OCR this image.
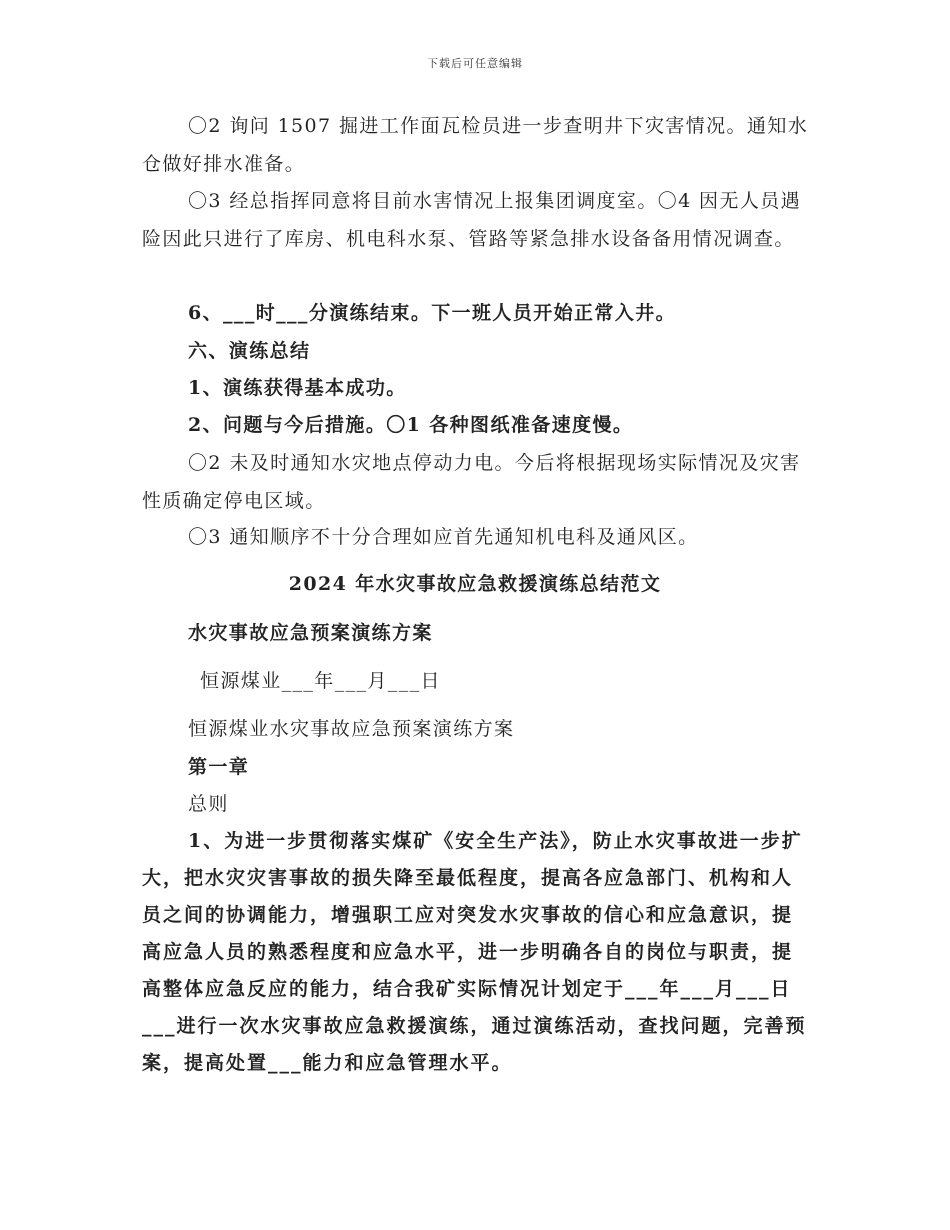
下载后可任意编辑
〇2 询问 1507 掘进工作面瓦检员进一步查明井下灾害情况。通知水仓做好排水准备。
〇3 经总指挥同意将目前水害情况上报集团调度室。〇4 因无人员遇险因此只进行了库房、机电科水泵、管路等紧急排水设备备用情况调查。
6、___时___分演练结束。下一班人员开始正常入井。
六、演练总结
1、演练获得基本成功。
2、问题与今后措施。〇1 各种图纸准备速度慢。
〇2 未及时通知水灾地点停动力电。今后将根据现场实际情况及灾害性质确定停电区域。
〇3 通知顺序不十分合理如应首先通知机电科及通风区。
2024 年水灾事故应急救援演练总结范文
水灾事故应急预案演练方案
恒源煤业___年___月___日
恒源煤业水灾事故应急预案演练方案
第一章
总则
1、为进一步贯彻落实煤矿《安全生产法》，防止水灾事故进一步扩大，把水灾灾害事故的损失降至最低程度，提高各应急部门、机构和人员之间的协调能力，增强职工应对突发水灾事故的信心和应急意识，提高应急人员的熟悉程度和应急水平，进一步明确各自的岗位与职责，提高整体应急反应的能力，结合我矿实际情况计划定于___年___月___日___进行一次水灾事故应急救援演练，通过演练活动，查找问题，完善预案，提高处置___能力和应急管理水平。
